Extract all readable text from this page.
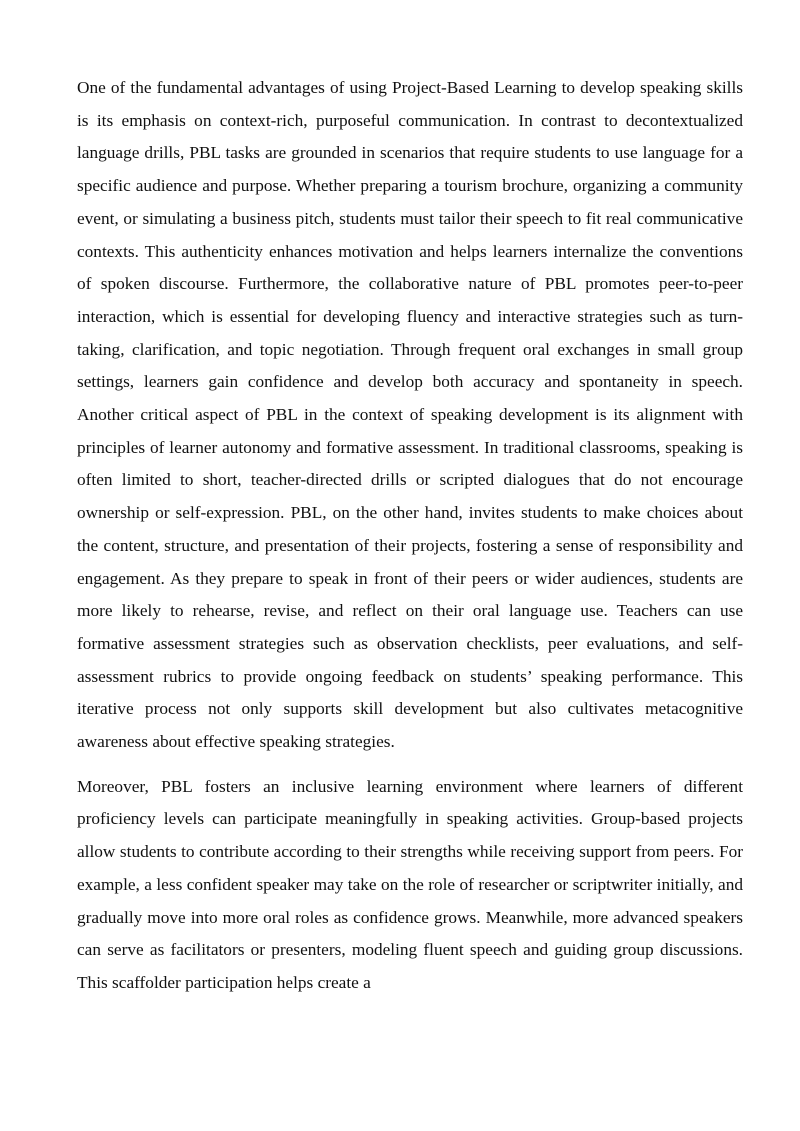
One of the fundamental advantages of using Project-Based Learning to develop speaking skills is its emphasis on context-rich, purposeful communication. In contrast to decontextualized language drills, PBL tasks are grounded in scenarios that require students to use language for a specific audience and purpose. Whether preparing a tourism brochure, organizing a community event, or simulating a business pitch, students must tailor their speech to fit real communicative contexts. This authenticity enhances motivation and helps learners internalize the conventions of spoken discourse. Furthermore, the collaborative nature of PBL promotes peer-to-peer interaction, which is essential for developing fluency and interactive strategies such as turn-taking, clarification, and topic negotiation. Through frequent oral exchanges in small group settings, learners gain confidence and develop both accuracy and spontaneity in speech. Another critical aspect of PBL in the context of speaking development is its alignment with principles of learner autonomy and formative assessment. In traditional classrooms, speaking is often limited to short, teacher-directed drills or scripted dialogues that do not encourage ownership or self-expression. PBL, on the other hand, invites students to make choices about the content, structure, and presentation of their projects, fostering a sense of responsibility and engagement. As they prepare to speak in front of their peers or wider audiences, students are more likely to rehearse, revise, and reflect on their oral language use. Teachers can use formative assessment strategies such as observation checklists, peer evaluations, and self-assessment rubrics to provide ongoing feedback on students’ speaking performance. This iterative process not only supports skill development but also cultivates metacognitive awareness about effective speaking strategies.

Moreover, PBL fosters an inclusive learning environment where learners of different proficiency levels can participate meaningfully in speaking activities. Group-based projects allow students to contribute according to their strengths while receiving support from peers. For example, a less confident speaker may take on the role of researcher or scriptwriter initially, and gradually move into more oral roles as confidence grows. Meanwhile, more advanced speakers can serve as facilitators or presenters, modeling fluent speech and guiding group discussions. This scaffolder participation helps create a
